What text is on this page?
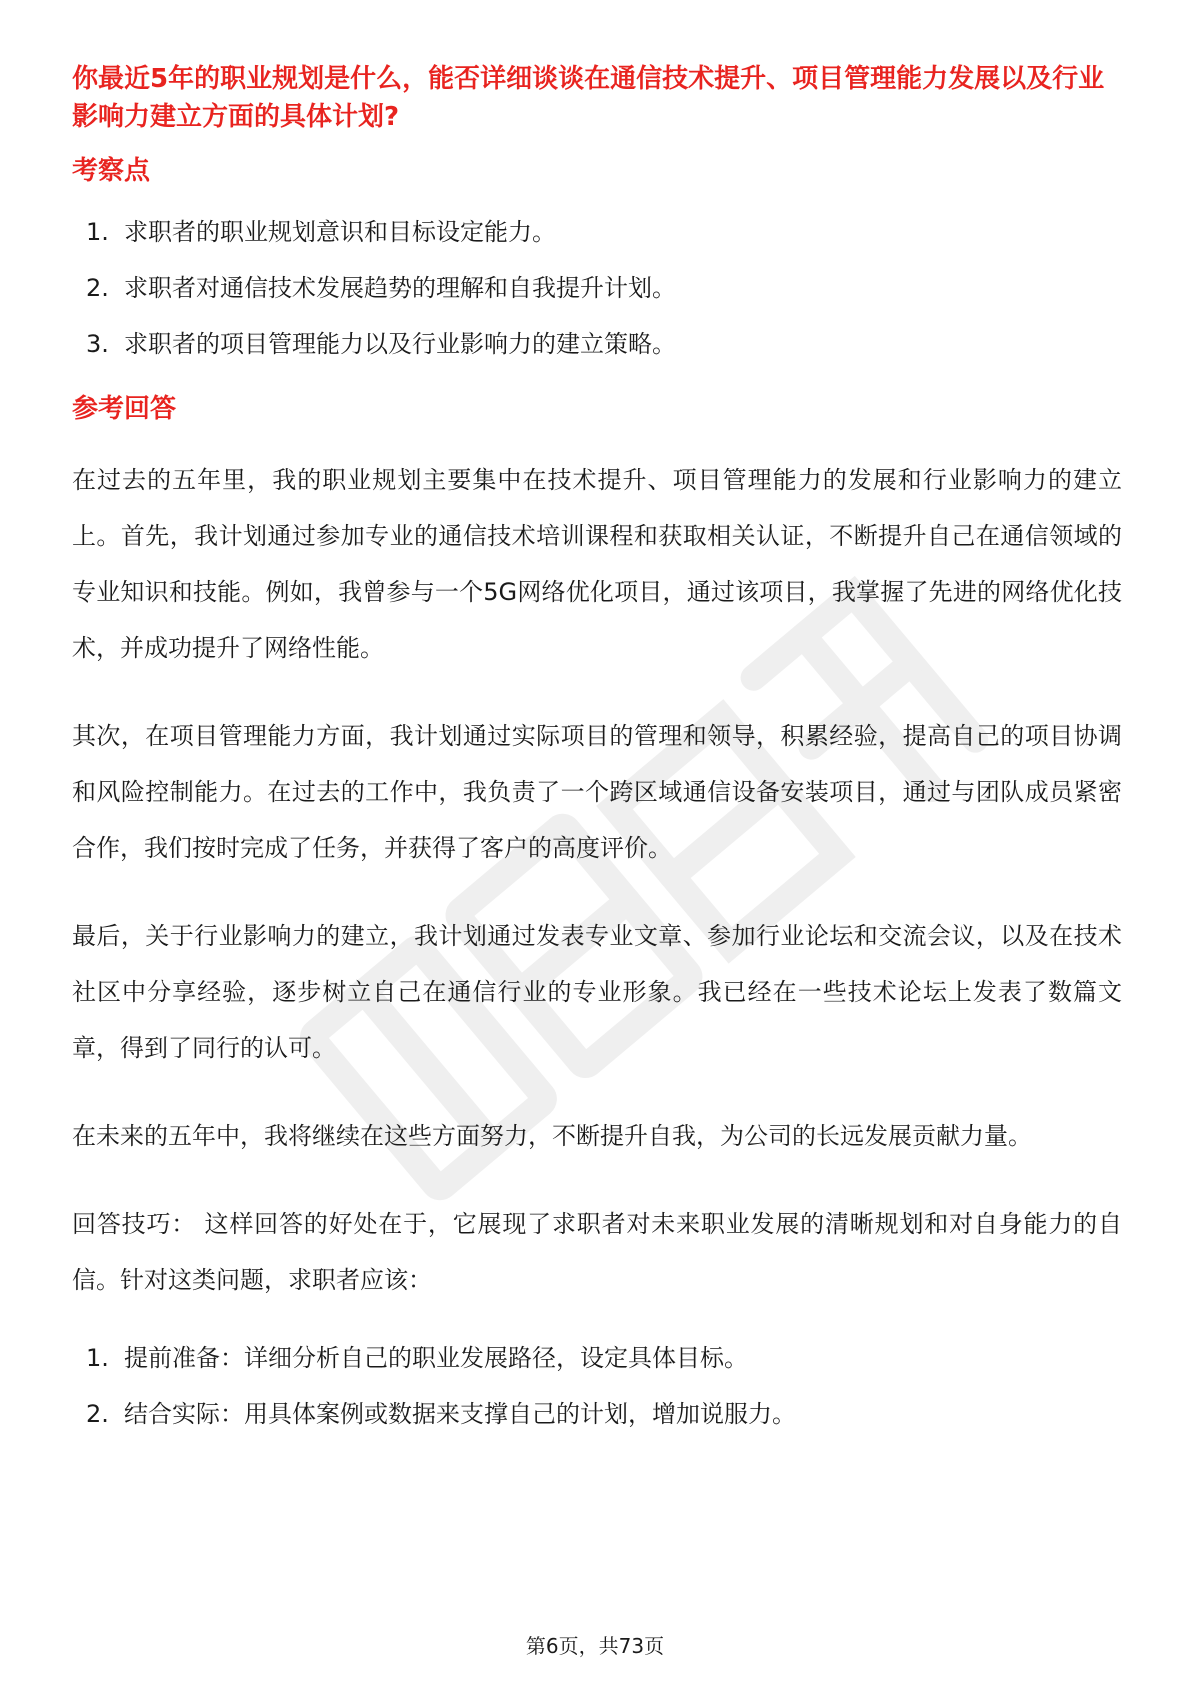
你最近5年的职业规划是什么，能否详细谈谈在通信技术提升、项目管理能力发展以及行业影响力建立方面的具体计划?
考察点
1. 求职者的职业规划意识和目标设定能力。
2. 求职者对通信技术发展趋势的理解和自我提升计划。
3. 求职者的项目管理能力以及行业影响力的建立策略。
参考回答

在过去的五年里，我的职业规划主要集中在技术提升、项目管理能力的发展和行业影响力的建立上。首先，我计划通过参加专业的通信技术培训课程和获取相关认证，不断提升自己在通信领域的专业知识和技能。例如，我曾参与一个5G网络优化项目，通过该项目，我掌握了先进的网络优化技术，并成功提升了网络性能。

其次，在项目管理能力方面，我计划通过实际项目的管理和领导，积累经验，提高自己的项目协调和风险控制能力。在过去的工作中，我负责了一个跨区域通信设备安装项目，通过与团队成员紧密合作，我们按时完成了任务，并获得了客户的高度评价。

最后，关于行业影响力的建立，我计划通过发表专业文章、参加行业论坛和交流会议，以及在技术社区中分享经验，逐步树立自己在通信行业的专业形象。我已经在一些技术论坛上发表了数篇文章，得到了同行的认可。

在未来的五年中，我将继续在这些方面努力，不断提升自我，为公司的长远发展贡献力量。

回答技巧： 这样回答的好处在于，它展现了求职者对未来职业发展的清晰规划和对自身能力的自信。针对这类问题，求职者应该：

1. 提前准备：详细分析自己的职业发展路径，设定具体目标。
2. 结合实际：用具体案例或数据来支撑自己的计划，增加说服力。
第6页，共73页
